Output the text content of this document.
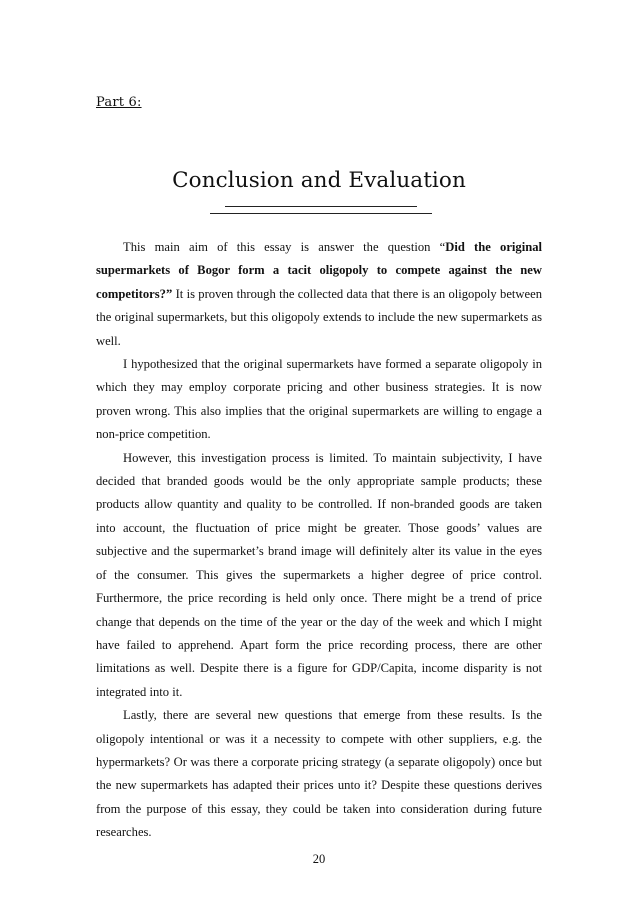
Part 6:
Conclusion and Evaluation

This main aim of this essay is answer the question “Did the original supermarkets of Bogor form a tacit oligopoly to compete against the new competitors?” It is proven through the collected data that there is an oligopoly between the original supermarkets, but this oligopoly extends to include the new supermarkets as well.

I hypothesized that the original supermarkets have formed a separate oligopoly in which they may employ corporate pricing and other business strategies. It is now proven wrong. This also implies that the original supermarkets are willing to engage a non-price competition.

However, this investigation process is limited. To maintain subjectivity, I have decided that branded goods would be the only appropriate sample products; these products allow quantity and quality to be controlled. If non-branded goods are taken into account, the fluctuation of price might be greater. Those goods’ values are subjective and the supermarket’s brand image will definitely alter its value in the eyes of the consumer. This gives the supermarkets a higher degree of price control. Furthermore, the price recording is held only once. There might be a trend of price change that depends on the time of the year or the day of the week and which I might have failed to apprehend. Apart form the price recording process, there are other limitations as well. Despite there is a figure for GDP/Capita, income disparity is not integrated into it.

Lastly, there are several new questions that emerge from these results. Is the oligopoly intentional or was it a necessity to compete with other suppliers, e.g. the hypermarkets? Or was there a corporate pricing strategy (a separate oligopoly) once but the new supermarkets has adapted their prices unto it? Despite these questions derives from the purpose of this essay, they could be taken into consideration during future researches.

20
